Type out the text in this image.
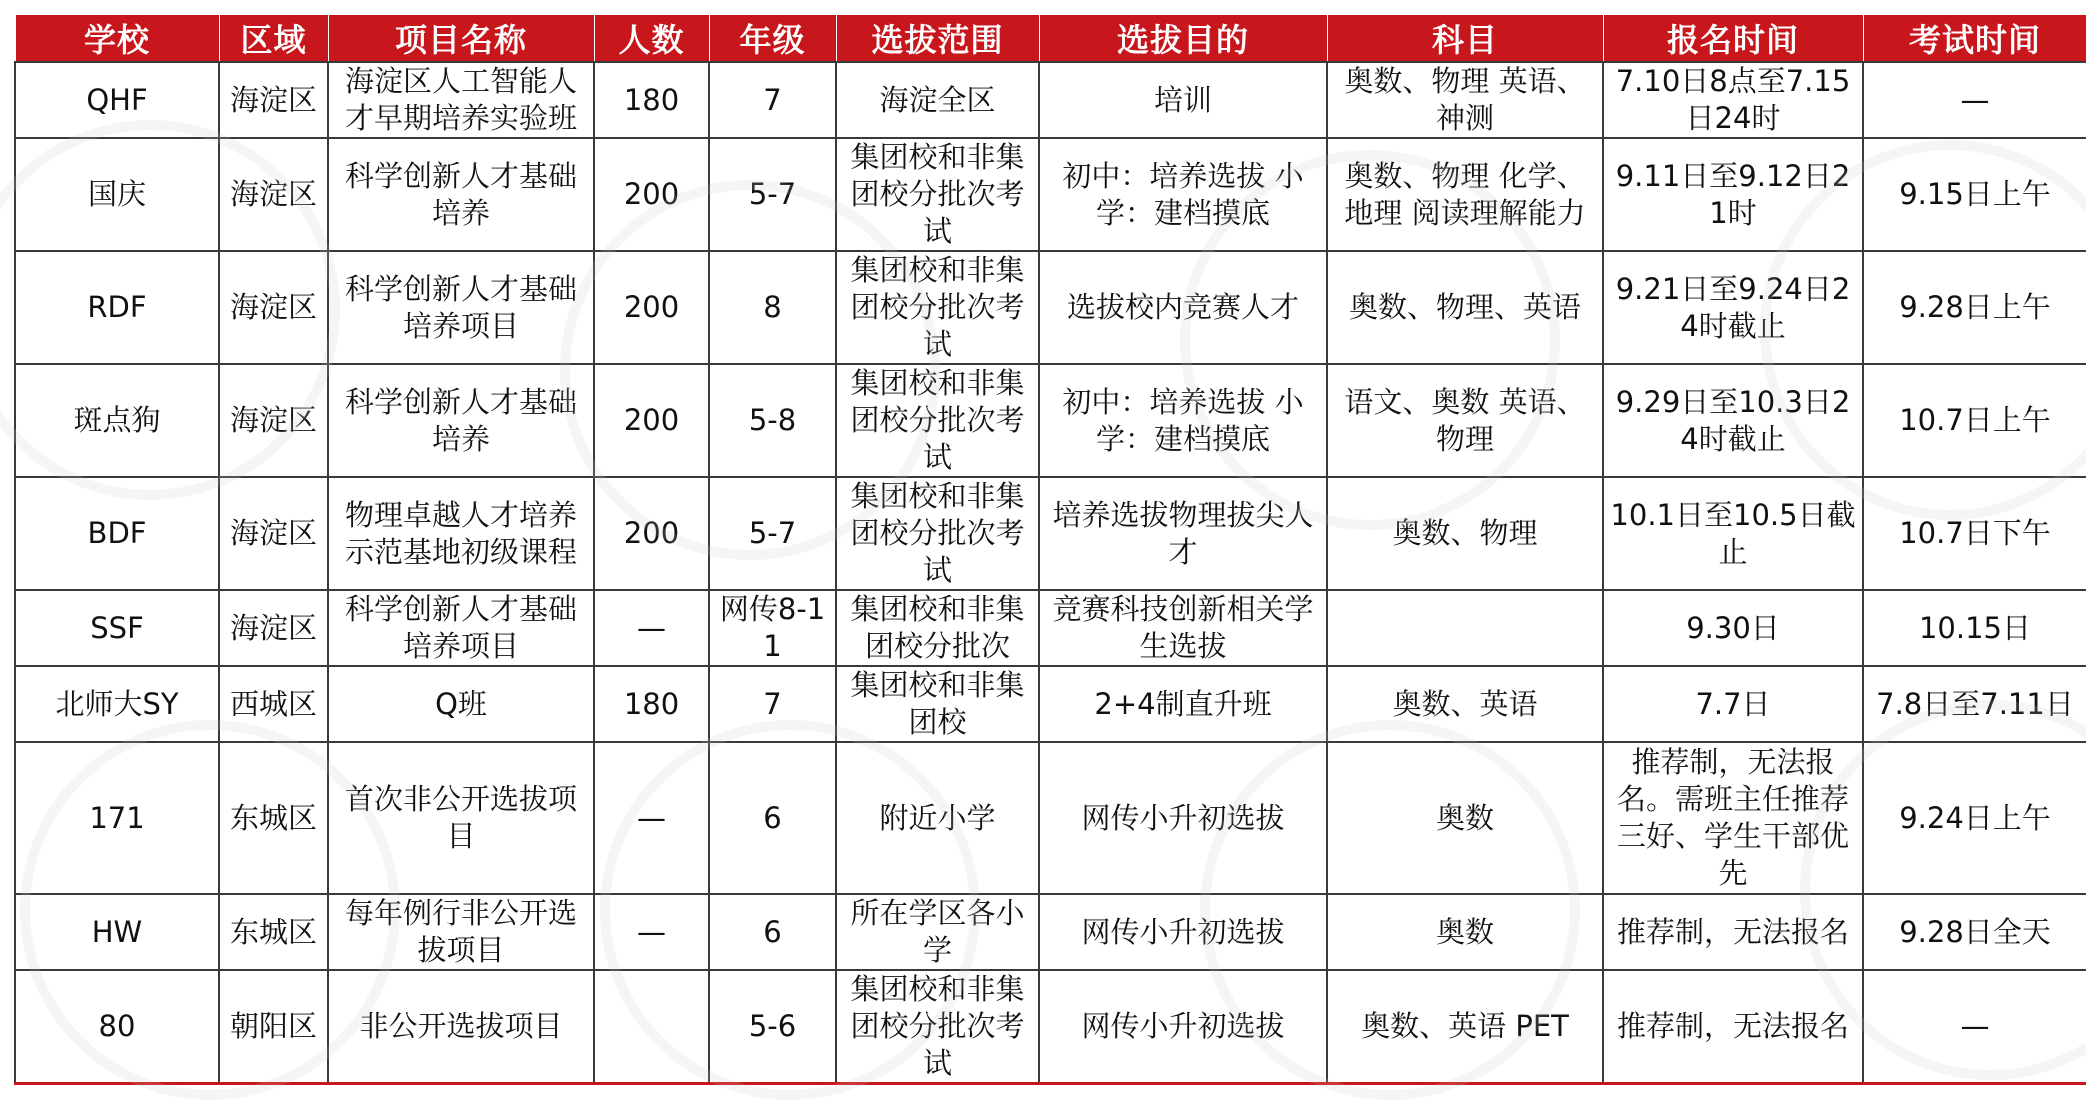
学校	区域	项目名称	人数	年级	选拔范围	选拔目的	科目	报名时间	考试时间
QHF	海淀区	海淀区人工智能人才早期培养实验班	180	7	海淀全区	培训	奥数、物理 英语、神测	7.10日8点至7.15日24时	—
国庆	海淀区	科学创新人才基础培养	200	5-7	集团校和非集团校分批次考试	初中：培养选拔 小学：建档摸底	奥数、物理 化学、地理 阅读理解能力	9.11日至9.12日21时	9.15日上午
RDF	海淀区	科学创新人才基础培养项目	200	8	集团校和非集团校分批次考试	选拔校内竞赛人才	奥数、物理、英语	9.21日至9.24日24时截止	9.28日上午
斑点狗	海淀区	科学创新人才基础培养	200	5-8	集团校和非集团校分批次考试	初中：培养选拔 小学：建档摸底	语文、奥数 英语、物理	9.29日至10.3日24时截止	10.7日上午
BDF	海淀区	物理卓越人才培养示范基地初级课程	200	5-7	集团校和非集团校分批次考试	培养选拔物理拔尖人才	奥数、物理	10.1日至10.5日截止	10.7日下午
SSF	海淀区	科学创新人才基础培养项目	—	网传8-11	集团校和非集团校分批次	竞赛科技创新相关学生选拔		9.30日	10.15日
北师大SY	西城区	Q班	180	7	集团校和非集团校	2+4制直升班	奥数、英语	7.7日	7.8日至7.11日
171	东城区	首次非公开选拔项目	—	6	附近小学	网传小升初选拔	奥数	推荐制，无法报名。需班主任推荐三好、学生干部优先	9.24日上午
HW	东城区	每年例行非公开选拔项目	—	6	所在学区各小学	网传小升初选拔	奥数	推荐制，无法报名	9.28日全天
80	朝阳区	非公开选拔项目		5-6	集团校和非集团校分批次考试	网传小升初选拔	奥数、英语 PET	推荐制，无法报名	—
